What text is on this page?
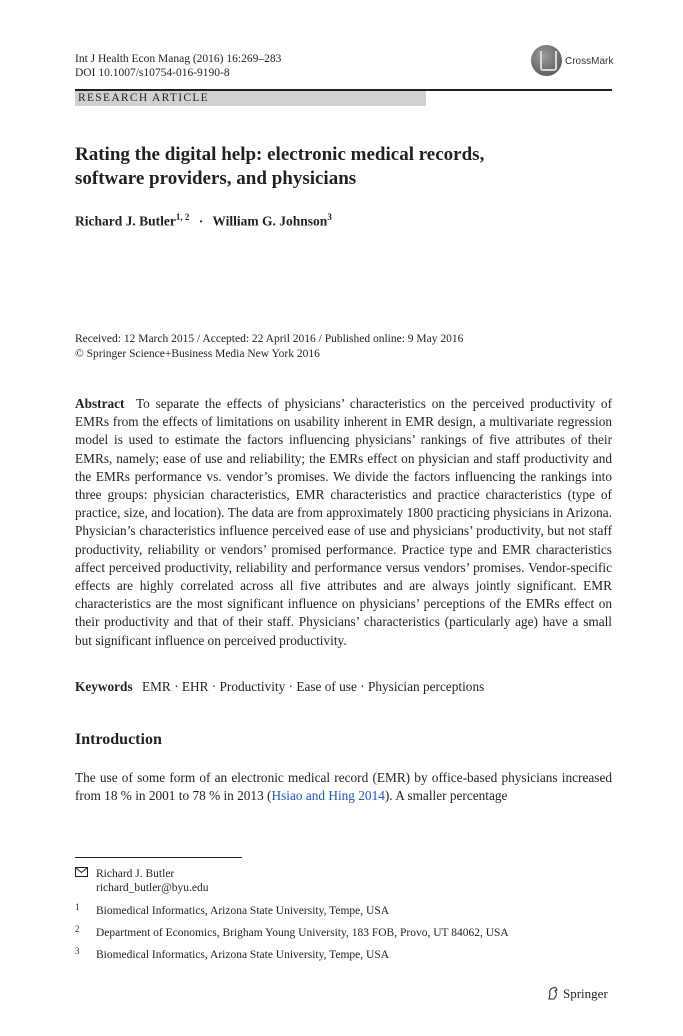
Int J Health Econ Manag (2016) 16:269–283
DOI 10.1007/s10754-016-9190-8
CrossMark
RESEARCH ARTICLE
Rating the digital help: electronic medical records,
software providers, and physicians
Richard J. Butler$^{1, 2}$ · William G. Johnson$^3$
Received: 12 March 2015 / Accepted: 22 April 2016 / Published online: 9 May 2016
© Springer Science+Business Media New York 2016
Abstract To separate the effects of physicians’ characteristics on the perceived productivity of EMRs from the effects of limitations on usability inherent in EMR design, a multivariate regression model is used to estimate the factors influencing physicians’ rankings of five attributes of their EMRs, namely; ease of use and reliability; the EMRs effect on physician and staff productivity and the EMRs performance vs. vendor’s promises. We divide the factors influencing the rankings into three groups: physician characteristics, EMR characteristics and practice characteristics (type of practice, size, and location). The data are from approximately 1800 practicing physicians in Arizona. Physician’s characteristics influence perceived ease of use and physicians’ productivity, but not staff productivity, reliability or vendors’ promised performance. Practice type and EMR characteristics affect perceived productivity, reliability and performance versus vendors’ promises. Vendor-specific effects are highly correlated across all five attributes and are always jointly significant. EMR characteristics are the most significant influence on physicians’ perceptions of the EMRs effect on their productivity and that of their staff. Physicians’ characteristics (particularly age) have a small but significant influence on perceived productivity.
Keywords EMR · EHR · Productivity · Ease of use · Physician perceptions
Introduction
The use of some form of an electronic medical record (EMR) by office-based physicians increased from 18 % in 2001 to 78 % in 2013 (Hsiao and Hing 2014). A smaller percentage
Richard J. Butler
richard_butler@byu.edu
1 Biomedical Informatics, Arizona State University, Tempe, USA
2 Department of Economics, Brigham Young University, 183 FOB, Provo, UT 84062, USA
3 Biomedical Informatics, Arizona State University, Tempe, USA
Springer
